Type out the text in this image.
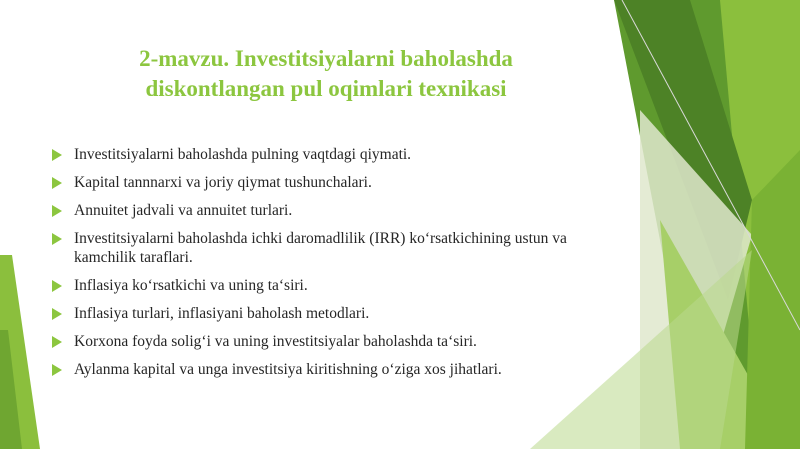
2-mavzu. Investitsiyalarni baholashda diskontlangan pul oqimlari texnikasi
Investitsiyalarni baholashda pulning vaqtdagi qiymati.
Kapital tannnarxi va joriy qiymat tushunchalari.
Annuitet jadvali va annuitet turlari.
Investitsiyalarni baholashda ichki daromadlilik (IRR) ko‘rsatkichining ustun va kamchilik taraflari.
Inflasiya ko‘rsatkichi va uning ta‘siri.
Inflasiya turlari, inflasiyani baholash metodlari.
Korxona foyda solig‘i va uning investitsiyalar baholashda ta‘siri.
Aylanma kapital va unga investitsiya kiritishning o‘ziga xos jihatlari.
